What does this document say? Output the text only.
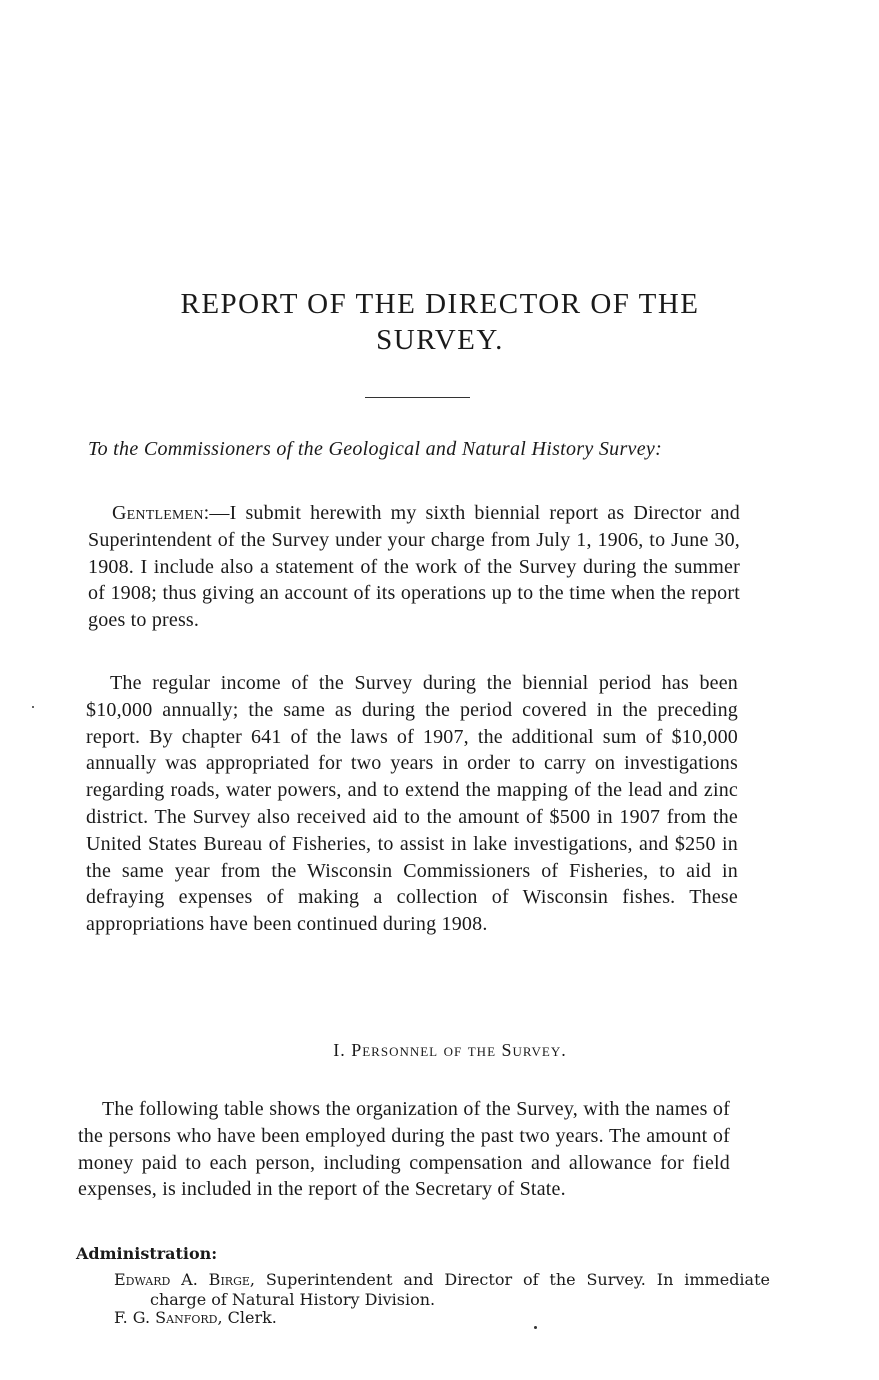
REPORT OF THE DIRECTOR OF THE
SURVEY.

To the Commissioners of the Geological and Natural History Survey:

Gentlemen:—I submit herewith my sixth biennial report as Director and Superintendent of the Survey under your charge from July 1, 1906, to June 30, 1908. I include also a statement of the work of the Survey during the summer of 1908; thus giving an account of its operations up to the time when the report goes to press.

The regular income of the Survey during the biennial period has been $10,000 annually; the same as during the period covered in the preceding report. By chapter 641 of the laws of 1907, the additional sum of $10,000 annually was appropriated for two years in order to carry on investigations regarding roads, water powers, and to extend the mapping of the lead and zinc district. The Survey also received aid to the amount of $500 in 1907 from the United States Bureau of Fisheries, to assist in lake investigations, and $250 in the same year from the Wisconsin Commissioners of Fisheries, to aid in defraying expenses of making a collection of Wisconsin fishes. These appropriations have been continued during 1908.

I. Personnel of the Survey.

The following table shows the organization of the Survey, with the names of the persons who have been employed during the past two years. The amount of money paid to each person, including compensation and allowance for field expenses, is included in the report of the Secretary of State.

Administration:

Edward A. Birge, Superintendent and Director of the Survey. In immediate charge of Natural History Division.

F. G. Sanford, Clerk.
